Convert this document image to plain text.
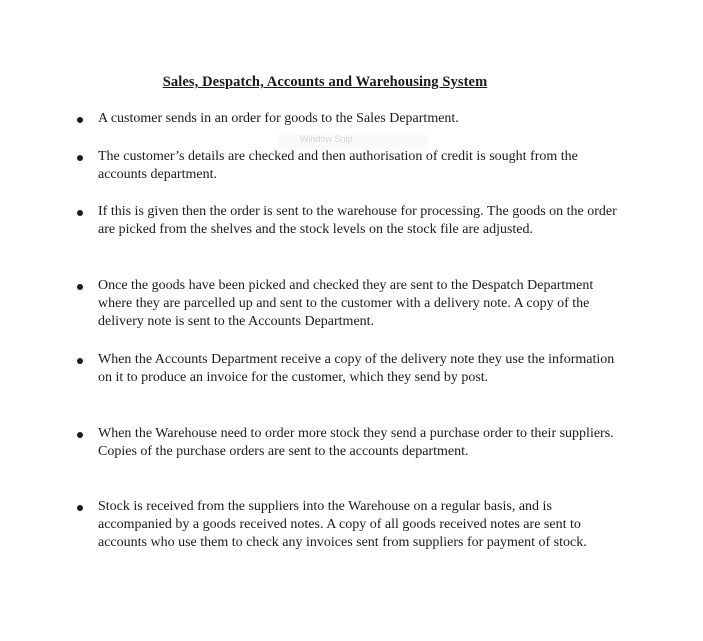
Sales, Despatch, Accounts and Warehousing System
Window Snip
A customer sends in an order for goods to the Sales Department.
The customer’s details are checked and then authorisation of credit is sought from the accounts department.
If this is given then the order is sent to the warehouse for processing. The goods on the order are picked from the shelves and the stock levels on the stock file are adjusted.
Once the goods have been picked and checked they are sent to the Despatch Department where they are parcelled up and sent to the customer with a delivery note. A copy of the delivery note is sent to the Accounts Department.
When the Accounts Department receive a copy of the delivery note they use the information on it to produce an invoice for the customer, which they send by post.
When the Warehouse need to order more stock they send a purchase order to their suppliers. Copies of the purchase orders are sent to the accounts department.
Stock is received from the suppliers into the Warehouse on a regular basis, and is accompanied by a goods received notes. A copy of all goods received notes are sent to accounts who use them to check any invoices sent from suppliers for payment of stock.
